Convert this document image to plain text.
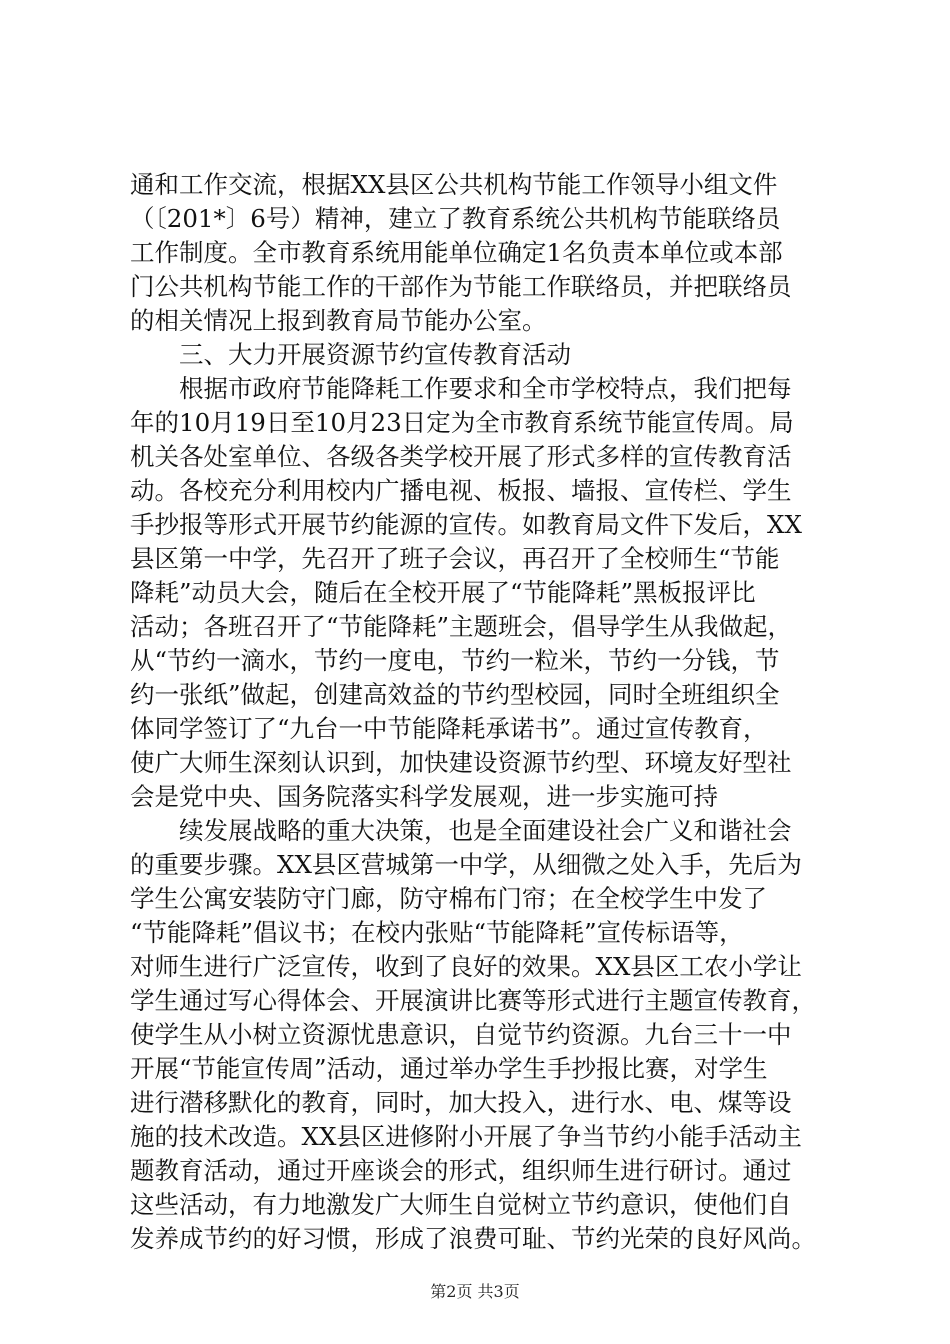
通和工作交流，根据XX县区公共机构节能工作领导小组文件
（〔201*〕6号）精神，建立了教育系统公共机构节能联络员
工作制度。全市教育系统用能单位确定1名负责本单位或本部
门公共机构节能工作的干部作为节能工作联络员，并把联络员
的相关情况上报到教育局节能办公室。
三、大力开展资源节约宣传教育活动
根据市政府节能降耗工作要求和全市学校特点，我们把每
年的10月19日至10月23日定为全市教育系统节能宣传周。局
机关各处室单位、各级各类学校开展了形式多样的宣传教育活
动。各校充分利用校内广播电视、板报、墙报、宣传栏、学生
手抄报等形式开展节约能源的宣传。如教育局文件下发后，XX
县区第一中学，先召开了班子会议，再召开了全校师生“节能
降耗”动员大会，随后在全校开展了“节能降耗”黑板报评比
活动；各班召开了“节能降耗”主题班会，倡导学生从我做起，
从“节约一滴水，节约一度电，节约一粒米，节约一分钱，节
约一张纸”做起，创建高效益的节约型校园，同时全班组织全
体同学签订了“九台一中节能降耗承诺书”。通过宣传教育，
使广大师生深刻认识到，加快建设资源节约型、环境友好型社
会是党中央、国务院落实科学发展观，进一步实施可持
续发展战略的重大决策，也是全面建设社会广义和谐社会
的重要步骤。XX县区营城第一中学，从细微之处入手，先后为
学生公寓安装防守门廊，防守棉布门帘；在全校学生中发了
“节能降耗”倡议书；在校内张贴“节能降耗”宣传标语等，
对师生进行广泛宣传，收到了良好的效果。XX县区工农小学让
学生通过写心得体会、开展演讲比赛等形式进行主题宣传教育，
使学生从小树立资源忧患意识，自觉节约资源。九台三十一中
开展“节能宣传周”活动，通过举办学生手抄报比赛，对学生
进行潜移默化的教育，同时，加大投入，进行水、电、煤等设
施的技术改造。XX县区进修附小开展了争当节约小能手活动主
题教育活动，通过开座谈会的形式，组织师生进行研讨。通过
这些活动，有力地激发广大师生自觉树立节约意识，使他们自
发养成节约的好习惯，形成了浪费可耻、节约光荣的良好风尚。
第2页 共3页
